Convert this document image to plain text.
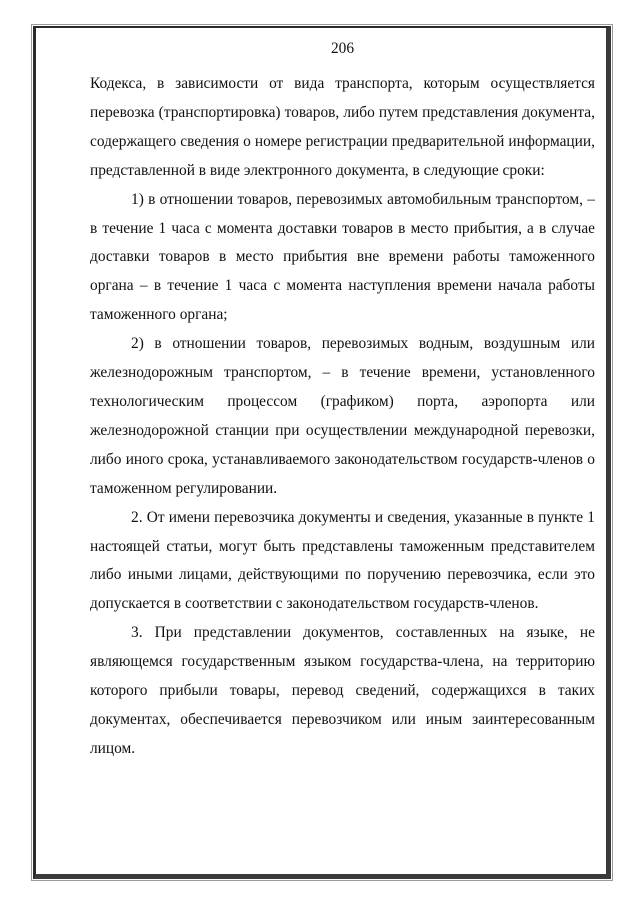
206

Кодекса, в зависимости от вида транспорта, которым осуществляется перевозка (транспортировка) товаров, либо путем представления документа, содержащего сведения о номере регистрации предварительной информации, представленной в виде электронного документа, в следующие сроки:

1) в отношении товаров, перевозимых автомобильным транспортом, – в течение 1 часа с момента доставки товаров в место прибытия, а в случае доставки товаров в место прибытия вне времени работы таможенного органа – в течение 1 часа с момента наступления времени начала работы таможенного органа;

2) в отношении товаров, перевозимых водным, воздушным или железнодорожным транспортом, – в течение времени, установленного технологическим процессом (графиком) порта, аэропорта или железнодорожной станции при осуществлении международной перевозки, либо иного срока, устанавливаемого законодательством государств-членов о таможенном регулировании.

2. От имени перевозчика документы и сведения, указанные в пункте 1 настоящей статьи, могут быть представлены таможенным представителем либо иными лицами, действующими по поручению перевозчика, если это допускается в соответствии с законодательством государств-членов.

3. При представлении документов, составленных на языке, не являющемся государственным языком государства-члена, на территорию которого прибыли товары, перевод сведений, содержащихся в таких документах, обеспечивается перевозчиком или иным заинтересованным лицом.
